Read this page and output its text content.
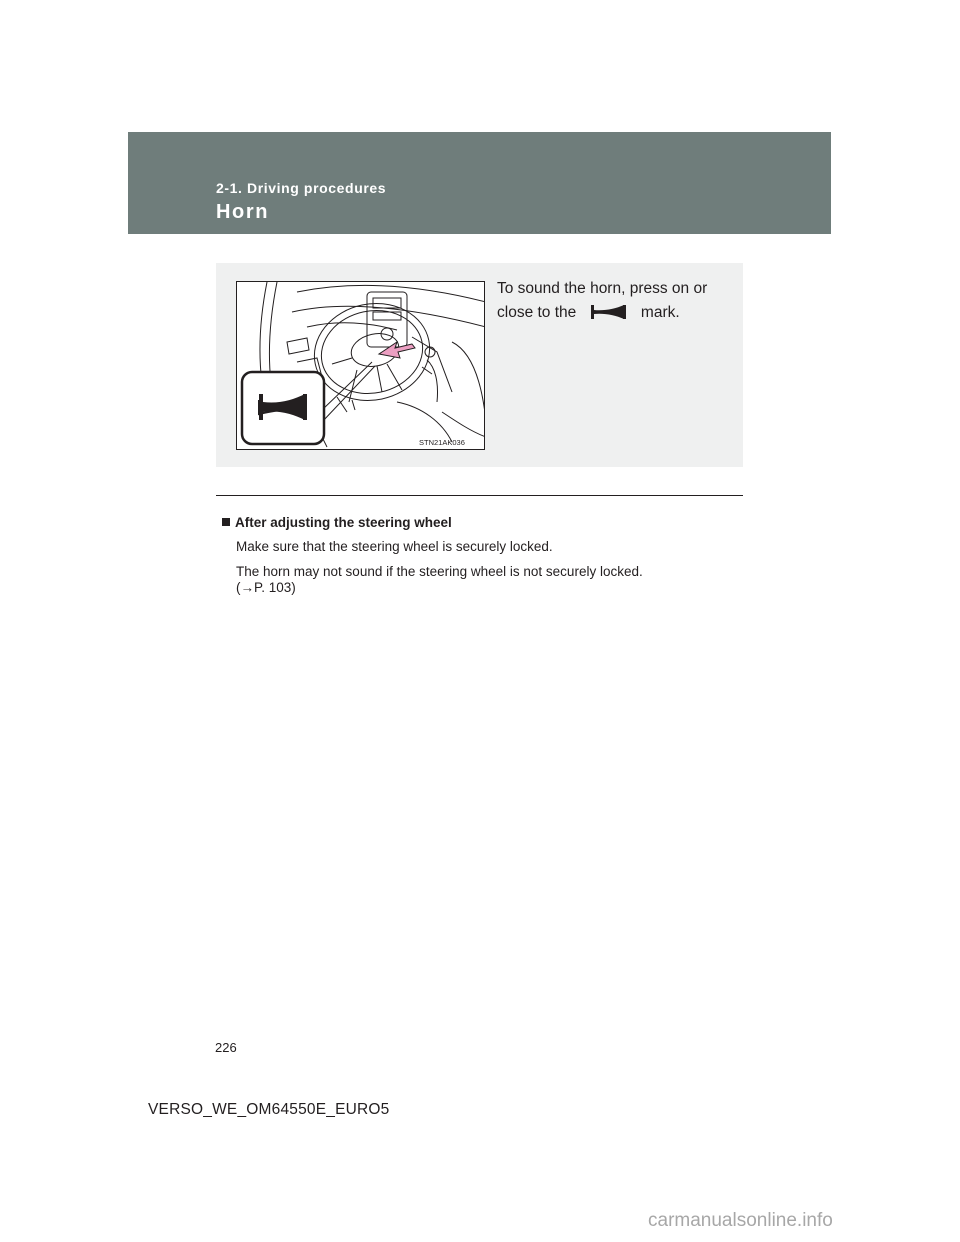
2-1. Driving procedures
Horn
STN21AK036
To sound the horn, press on or close to the	mark.
After adjusting the steering wheel
Make sure that the steering wheel is securely locked.
The horn may not sound if the steering wheel is not securely locked.
(→P. 103)
226
VERSO_WE_OM64550E_EURO5
carmanualsonline.info
